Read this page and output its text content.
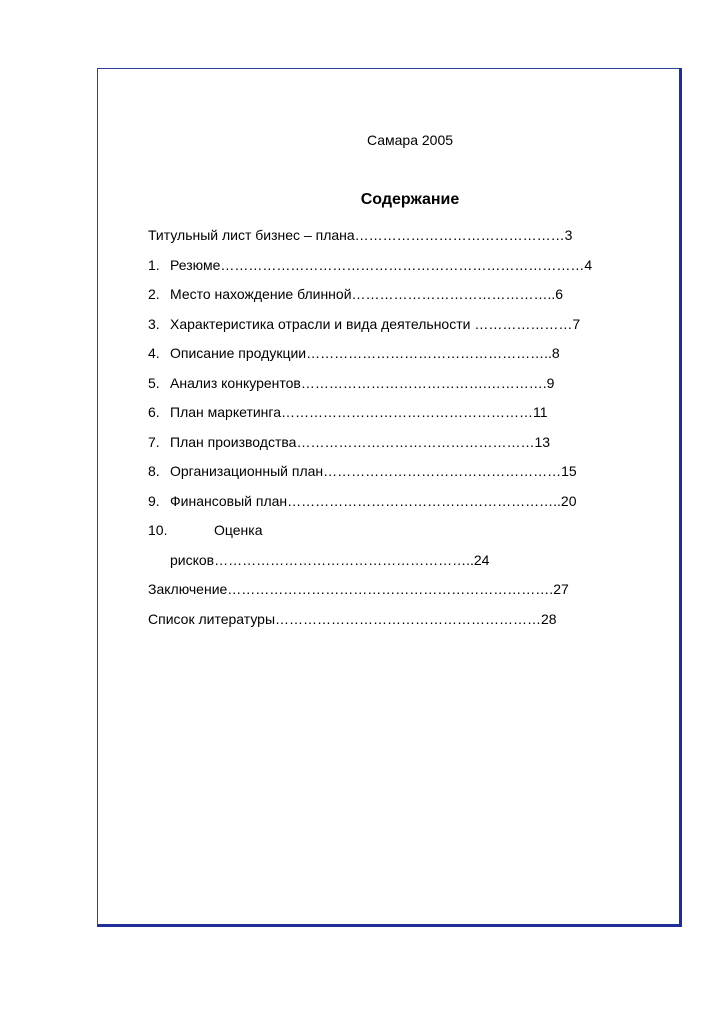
Самара 2005
Содержание
Титульный лист бизнес – плана………………………………………3
1. Резюме……………………………………………………………………4
2. Место нахождение блинной……………………………………..6
3. Характеристика отрасли и вида деятельности …………………7
4. Описание продукции……………………………………………..8
5. Анализ конкурентов………………………………….………….9
6. План маркетинга………………………………………………11
7. План производства……………………………………………13
8. Организационный план……………………………………………15
9. Финансовый план…………………………………………………..20
10.	Оценка
рисков………………………………………………..24
Заключение…………………………………………………………….27
Список литературы…………………………………………………28
